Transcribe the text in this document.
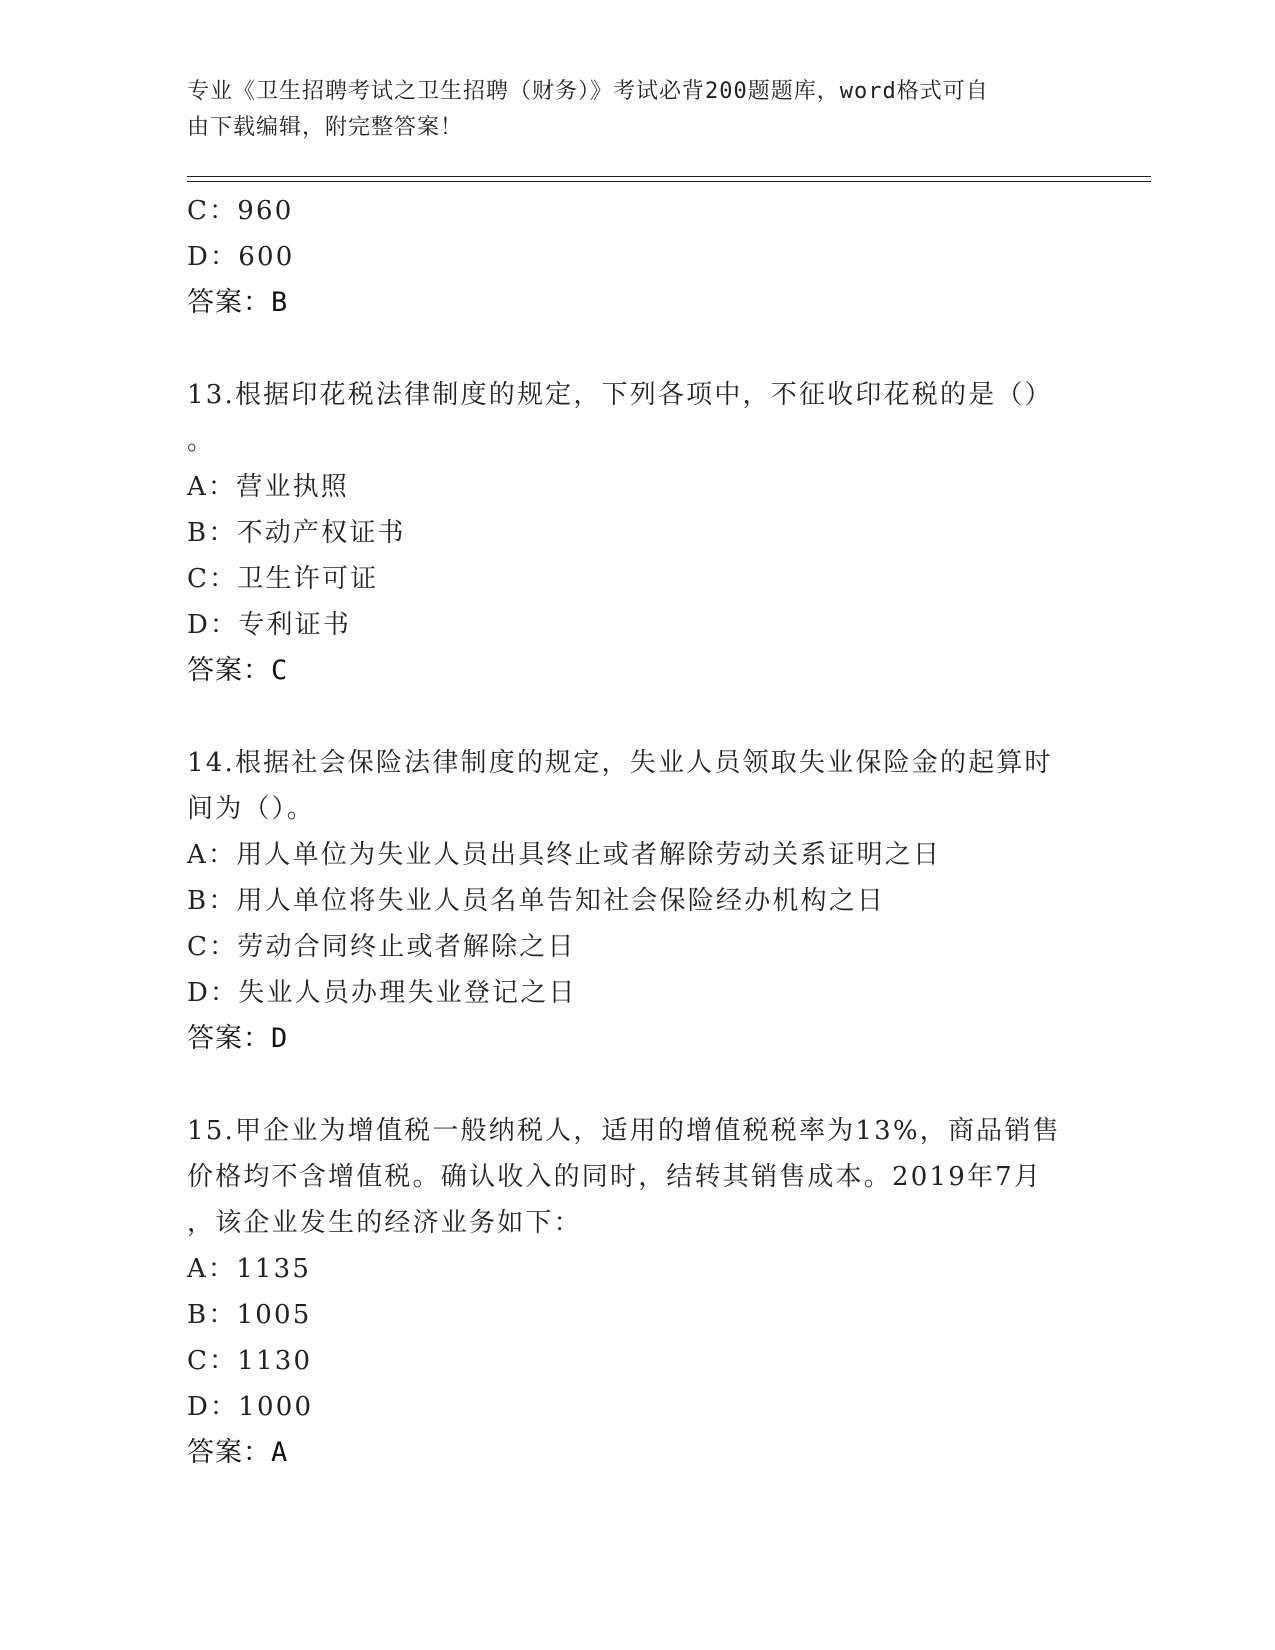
专业《卫生招聘考试之卫生招聘（财务）》考试必背200题题库，word格式可自
由下载编辑，附完整答案！
C：960
D：600
答案：B
13.根据印花税法律制度的规定，下列各项中，不征收印花税的是（）
。
A：营业执照
B：不动产权证书
C：卫生许可证
D：专利证书
答案：C
14.根据社会保险法律制度的规定，失业人员领取失业保险金的起算时
间为（）。
A：用人单位为失业人员出具终止或者解除劳动关系证明之日
B：用人单位将失业人员名单告知社会保险经办机构之日
C：劳动合同终止或者解除之日
D：失业人员办理失业登记之日
答案：D
15.甲企业为增值税一般纳税人，适用的增值税税率为13%，商品销售
价格均不含增值税。确认收入的同时，结转其销售成本。2019年7月
，该企业发生的经济业务如下：
A：1135
B：1005
C：1130
D：1000
答案：A
